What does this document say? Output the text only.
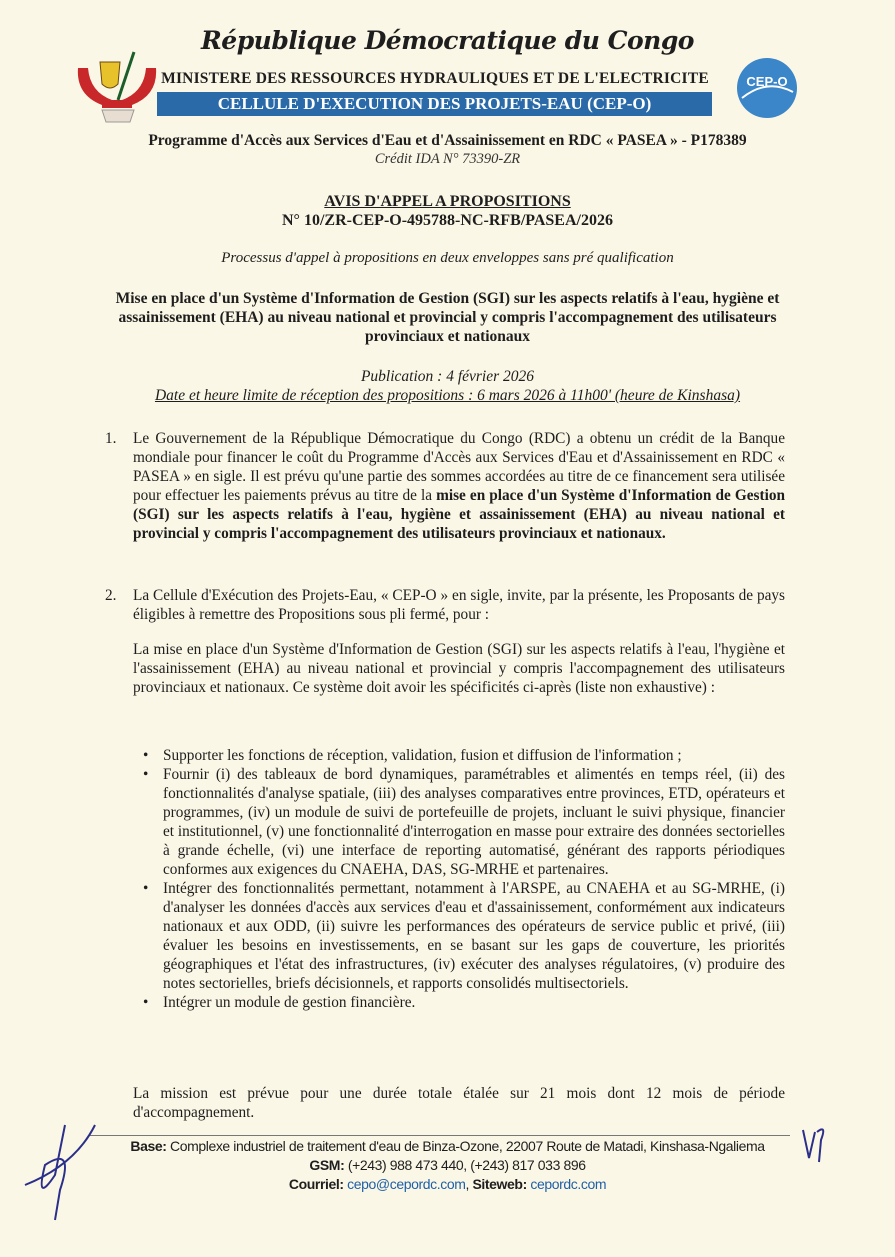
République Démocratique du Congo
MINISTERE DES RESSOURCES HYDRAULIQUES ET DE L'ELECTRICITE
CELLULE D'EXECUTION DES PROJETS-EAU (CEP-O)
CEP-O
Programme d'Accès aux Services d'Eau et d'Assainissement en RDC « PASEA » - P178389
Crédit IDA N° 73390-ZR
AVIS D'APPEL A PROPOSITIONS
N° 10/ZR-CEP-O-495788-NC-RFB/PASEA/2026
Processus d'appel à propositions en deux enveloppes sans pré qualification
Mise en place d'un Système d'Information de Gestion (SGI) sur les aspects relatifs à l'eau, hygiène et assainissement (EHA) au niveau national et provincial y compris l'accompagnement des utilisateurs provinciaux et nationaux
Publication : 4 février 2026
Date et heure limite de réception des propositions : 6 mars 2026 à 11h00' (heure de Kinshasa)
1. Le Gouvernement de la République Démocratique du Congo (RDC) a obtenu un crédit de la Banque mondiale pour financer le coût du Programme d'Accès aux Services d'Eau et d'Assainissement en RDC « PASEA » en sigle. Il est prévu qu'une partie des sommes accordées au titre de ce financement sera utilisée pour effectuer les paiements prévus au titre de la mise en place d'un Système d'Information de Gestion (SGI) sur les aspects relatifs à l'eau, hygiène et assainissement (EHA) au niveau national et provincial y compris l'accompagnement des utilisateurs provinciaux et nationaux.
2. La Cellule d'Exécution des Projets-Eau, « CEP-O » en sigle, invite, par la présente, les Proposants de pays éligibles à remettre des Propositions sous pli fermé, pour :
La mise en place d'un Système d'Information de Gestion (SGI) sur les aspects relatifs à l'eau, l'hygiène et l'assainissement (EHA) au niveau national et provincial y compris l'accompagnement des utilisateurs provinciaux et nationaux. Ce système doit avoir les spécificités ci-après (liste non exhaustive) :
• Supporter les fonctions de réception, validation, fusion et diffusion de l'information ;
• Fournir (i) des tableaux de bord dynamiques, paramétrables et alimentés en temps réel, (ii) des fonctionnalités d'analyse spatiale, (iii) des analyses comparatives entre provinces, ETD, opérateurs et programmes, (iv) un module de suivi de portefeuille de projets, incluant le suivi physique, financier et institutionnel, (v) une fonctionnalité d'interrogation en masse pour extraire des données sectorielles à grande échelle, (vi) une interface de reporting automatisé, générant des rapports périodiques conformes aux exigences du CNAEHA, DAS, SG-MRHE et partenaires.
• Intégrer des fonctionnalités permettant, notamment à l'ARSPE, au CNAEHA et au SG-MRHE, (i) d'analyser les données d'accès aux services d'eau et d'assainissement, conformément aux indicateurs nationaux et aux ODD, (ii) suivre les performances des opérateurs de service public et privé, (iii) évaluer les besoins en investissements, en se basant sur les gaps de couverture, les priorités géographiques et l'état des infrastructures, (iv) exécuter des analyses régulatoires, (v) produire des notes sectorielles, briefs décisionnels, et rapports consolidés multisectoriels.
• Intégrer un module de gestion financière.
La mission est prévue pour une durée totale étalée sur 21 mois dont 12 mois de période d'accompagnement.
Base: Complexe industriel de traitement d'eau de Binza-Ozone, 22007 Route de Matadi, Kinshasa-Ngaliema
GSM: (+243) 988 473 440, (+243) 817 033 896
Courriel: cepo@cepordc.com, Siteweb: cepordc.com
